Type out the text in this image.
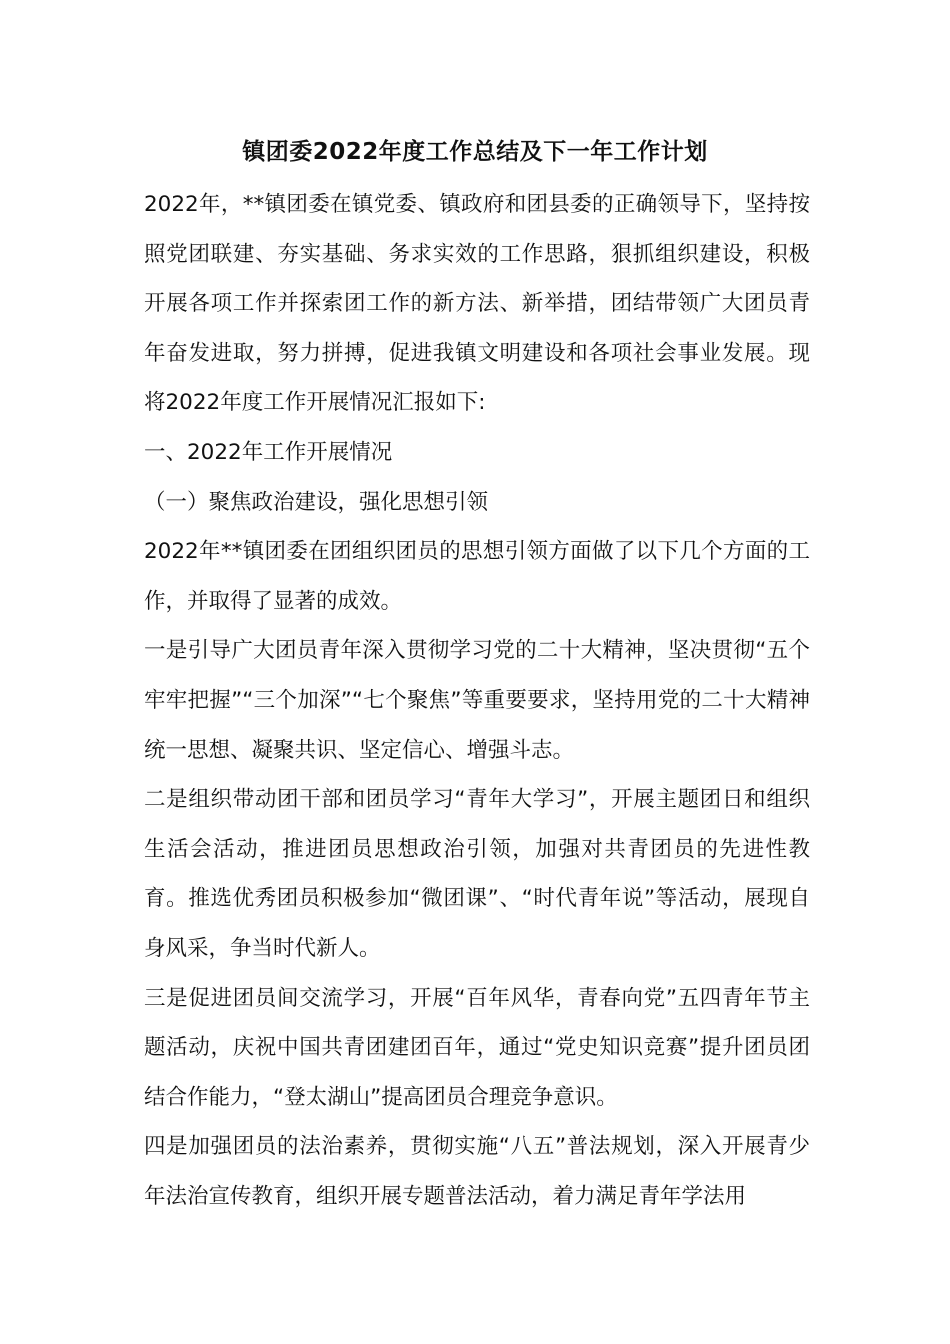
镇团委2022年度工作总结及下一年工作计划

2022年，**镇团委在镇党委、镇政府和团县委的正确领导下，坚持按照党团联建、夯实基础、务求实效的工作思路，狠抓组织建设，积极开展各项工作并探索团工作的新方法、新举措，团结带领广大团员青年奋发进取，努力拼搏，促进我镇文明建设和各项社会事业发展。现将2022年度工作开展情况汇报如下:

一、2022年工作开展情况

（一）聚焦政治建设，强化思想引领

2022年**镇团委在团组织团员的思想引领方面做了以下几个方面的工作，并取得了显著的成效。

一是引导广大团员青年深入贯彻学习党的二十大精神，坚决贯彻“五个牢牢把握”“三个加深”“七个聚焦”等重要要求，坚持用党的二十大精神统一思想、凝聚共识、坚定信心、增强斗志。

二是组织带动团干部和团员学习“青年大学习”，开展主题团日和组织生活会活动，推进团员思想政治引领，加强对共青团员的先进性教育。推选优秀团员积极参加“微团课”、“时代青年说”等活动，展现自身风采，争当时代新人。

三是促进团员间交流学习，开展“百年风华，青春向党”五四青年节主题活动，庆祝中国共青团建团百年，通过“党史知识竞赛”提升团员团结合作能力，“登太湖山”提高团员合理竞争意识。

四是加强团员的法治素养，贯彻实施“八五”普法规划，深入开展青少年法治宣传教育，组织开展专题普法活动，着力满足青年学法用
